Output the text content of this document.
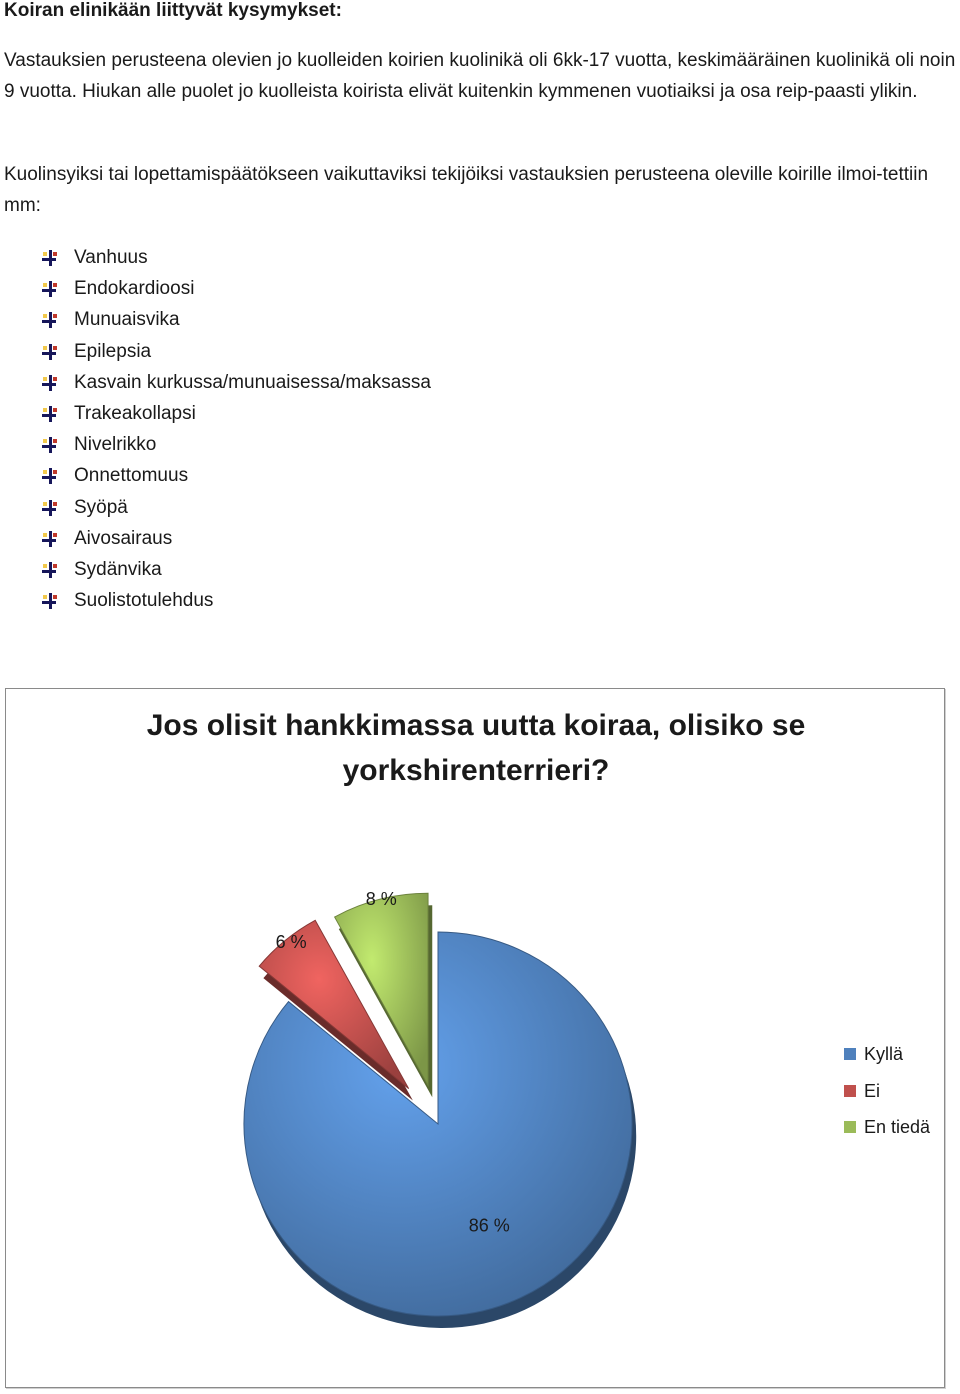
Koiran elinikään liittyvät kysymykset:

Vastauksien perusteena olevien jo kuolleiden koirien kuolinikä oli 6kk-17 vuotta, keskimääräinen kuolinikä oli noin 9 vuotta. Hiukan alle puolet jo kuolleista koirista elivät kuitenkin kymmenen vuotiaiksi ja osa reip-paasti ylikin.

Kuolinsyiksi tai lopettamispäätökseen vaikuttaviksi tekijöiksi vastauksien perusteena oleville koirille ilmoi-tettiin mm:

Vanhuus
Endokardioosi
Munuaisvika
Epilepsia
Kasvain kurkussa/munuaisessa/maksassa
Trakeakollapsi
Nivelrikko
Onnettomuus
Syöpä
Aivosairaus
Sydänvika
Suolistotulehdus
Jos olisit hankkimassa uutta koiraa, olisiko se yorkshirenterrieri?
86 %
6 %
8 %
Kyllä
Ei
En tiedä
